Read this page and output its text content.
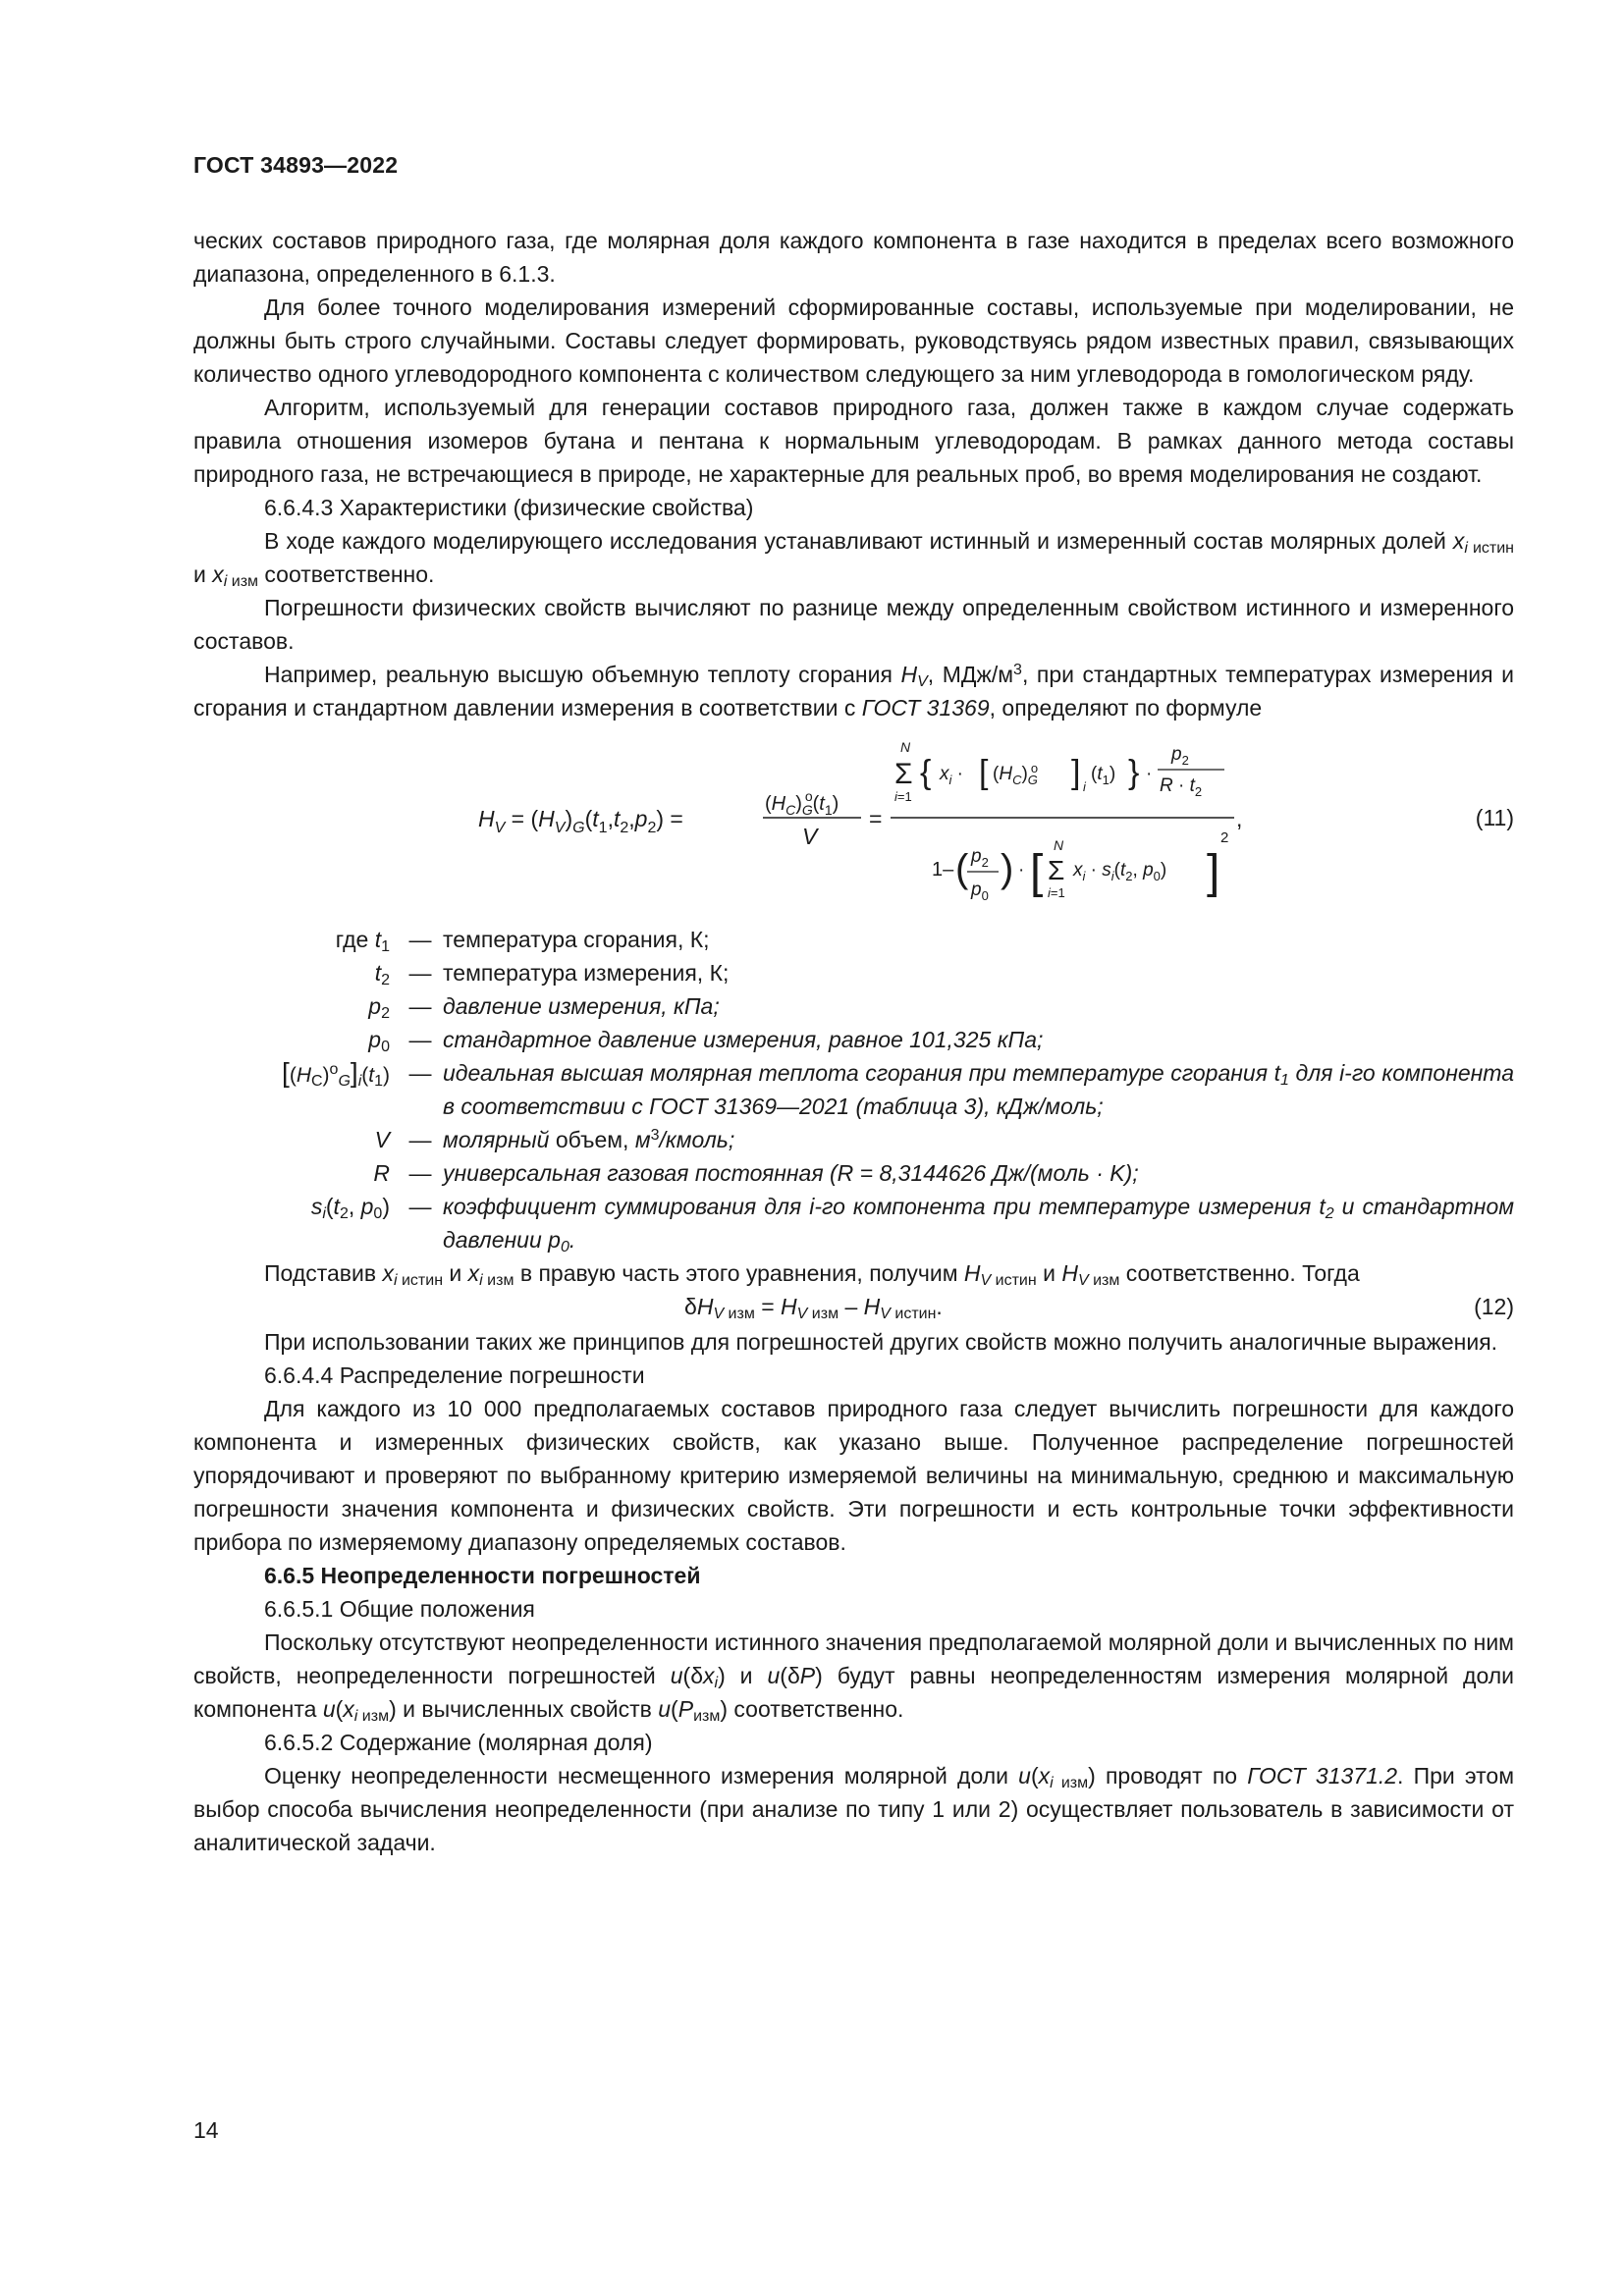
ГОСТ 34893—2022

ческих составов природного газа, где молярная доля каждого компонента в газе находится в пределах всего возможного диапазона, определенного в 6.1.3.

Для более точного моделирования измерений сформированные составы, используемые при моделировании, не должны быть строго случайными. Составы следует формировать, руководствуясь рядом известных правил, связывающих количество одного углеводородного компонента с количеством следующего за ним углеводорода в гомологическом ряду.

Алгоритм, используемый для генерации составов природного газа, должен также в каждом случае содержать правила отношения изомеров бутана и пентана к нормальным углеводородам. В рамках данного метода составы природного газа, не встречающиеся в природе, не характерные для реальных проб, во время моделирования не создают.

6.6.4.3 Характеристики (физические свойства)

В ходе каждого моделирующего исследования устанавливают истинный и измеренный состав молярных долей $x_i$ $_{истин}$ и $x_i$ $_{изм}$ соответственно.

Погрешности физических свойств вычисляют по разнице между определенным свойством истинного и измеренного составов.

Например, реальную высшую объемную теплоту сгорания $H_V$, МДж/$м^3$, при стандартных температурах измерения и сгорания и стандартном давлении измерения в соответствии с ГОСТ 31369, определяют по формуле

$H_V = (H_V)_G(t_1,t_2,p_2)$ =
$(H_C)_Go(t_1)$
V
=
N
Σ
i=1
{ $x_i$ · [ $(H_C)_Go$ ] i
$(t_1)$ } ·
$p_2$
$R \cdot t_2$
,
1– ( $p_2$
$p_0$
) · [
N
Σ
i=1
$x_i \cdot s_i(t_2$, $p_0$) ]
2
(11)
где $t_1$ — температура сгорания, К;
$t_2$ — температура измерения, К;
$p_2$ — давление измерения, кПа;
$p_0$ — стандартное давление измерения, равное 101,325 кПа;
$[(H_C)^o_G]_i(t_1)$ — идеальная высшая молярная теплота сгорания при температуре сгорания $t_1$ для i-го компонента в соответствии с ГОСТ 31369—2021 (таблица 3), кДж/моль;
V — молярный объем, $м^3$/кмоль;
R — универсальная газовая постоянная (R = 8,3144626 Дж/(моль · K);
$s_i(t_2$, $p_0$) — коэффициент суммирования для i-го компонента при температуре измерения $t_2$ и стандартном давлении $p_0$.

Подставив $x_i$ $_{истин}$ и $x_i$ $_{изм}$ в правую часть этого уравнения, получим $H_V$ $_{истин}$ и $H_V$ $_{изм}$ соответственно. Тогда

$\delta H_V$ $_{изм} = H_V$ $_{изм} - H_V$ $_{истин}$.	(12)

При использовании таких же принципов для погрешностей других свойств можно получить аналогичные выражения.

6.6.4.4 Распределение погрешности

Для каждого из 10 000 предполагаемых составов природного газа следует вычислить погрешности для каждого компонента и измеренных физических свойств, как указано выше. Полученное распределение погрешностей упорядочивают и проверяют по выбранному критерию измеряемой величины на минимальную, среднюю и максимальную погрешности значения компонента и физических свойств. Эти погрешности и есть контрольные точки эффективности прибора по измеряемому диапазону определяемых составов.

6.6.5 Неопределенности погрешностей

6.6.5.1 Общие положения

Поскольку отсутствуют неопределенности истинного значения предполагаемой молярной доли и вычисленных по ним свойств, неопределенности погрешностей $u(\delta x_i)$ и u(δP) будут равны неопределенностям измерения молярной доли компонента $u(x_i$ $_{изм}$) и вычисленных свойств $u(P_{изм})$ соответственно.

6.6.5.2 Содержание (молярная доля)

Оценку неопределенности несмещенного измерения молярной доли $u(x_i$ $_{изм}$) проводят по ГОСТ 31371.2. При этом выбор способа вычисления неопределенности (при анализе по типу 1 или 2) осуществляет пользователь в зависимости от аналитической задачи.

14
